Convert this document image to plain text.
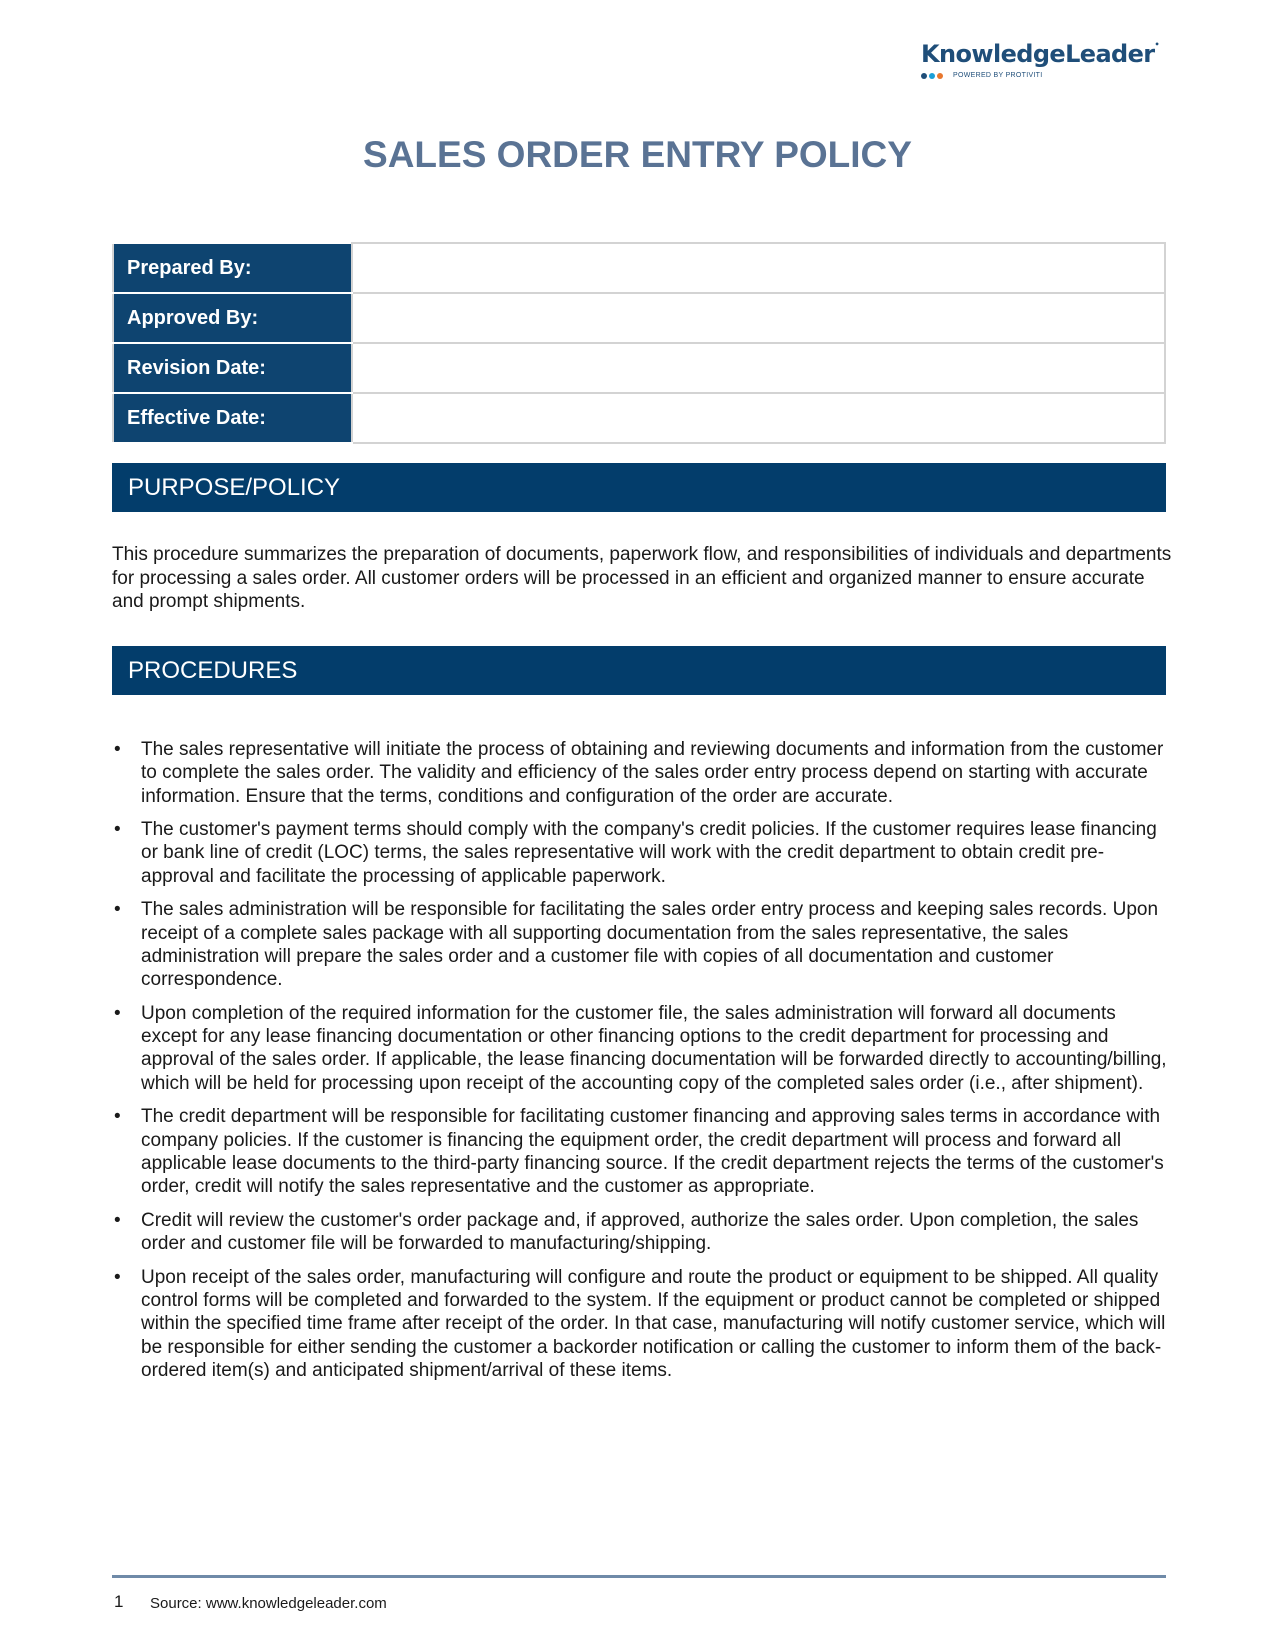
KnowledgeLeader•
POWERED BY PROTIVITI
SALES ORDER ENTRY POLICY
Prepared By:	
Approved By:	
Revision Date:	
Effective Date:	
PURPOSE/POLICY

This procedure summarizes the preparation of documents, paperwork flow, and responsibilities of individuals and departments for processing a sales order. All customer orders will be processed in an efficient and organized manner to ensure accurate and prompt shipments.

PROCEDURES
• The sales representative will initiate the process of obtaining and reviewing documents and information from the customer to complete the sales order. The validity and efficiency of the sales order entry process depend on starting with accurate information. Ensure that the terms, conditions and configuration of the order are accurate.
• The customer's payment terms should comply with the company's credit policies. If the customer requires lease financing or bank line of credit (LOC) terms, the sales representative will work with the credit department to obtain credit pre-approval and facilitate the processing of applicable paperwork.
• The sales administration will be responsible for facilitating the sales order entry process and keeping sales records. Upon receipt of a complete sales package with all supporting documentation from the sales representative, the sales administration will prepare the sales order and a customer file with copies of all documentation and customer correspondence.
• Upon completion of the required information for the customer file, the sales administration will forward all documents except for any lease financing documentation or other financing options to the credit department for processing and approval of the sales order. If applicable, the lease financing documentation will be forwarded directly to accounting/billing, which will be held for processing upon receipt of the accounting copy of the completed sales order (i.e., after shipment).
• The credit department will be responsible for facilitating customer financing and approving sales terms in accordance with company policies. If the customer is financing the equipment order, the credit department will process and forward all applicable lease documents to the third-party financing source. If the credit department rejects the terms of the customer's order, credit will notify the sales representative and the customer as appropriate.
• Credit will review the customer's order package and, if approved, authorize the sales order. Upon completion, the sales order and customer file will be forwarded to manufacturing/shipping.
• Upon receipt of the sales order, manufacturing will configure and route the product or equipment to be shipped. All quality control forms will be completed and forwarded to the system. If the equipment or product cannot be completed or shipped within the specified time frame after receipt of the order. In that case, manufacturing will notify customer service, which will be responsible for either sending the customer a backorder notification or calling the customer to inform them of the back-ordered item(s) and anticipated shipment/arrival of these items.
1 Source: www.knowledgeleader.com
